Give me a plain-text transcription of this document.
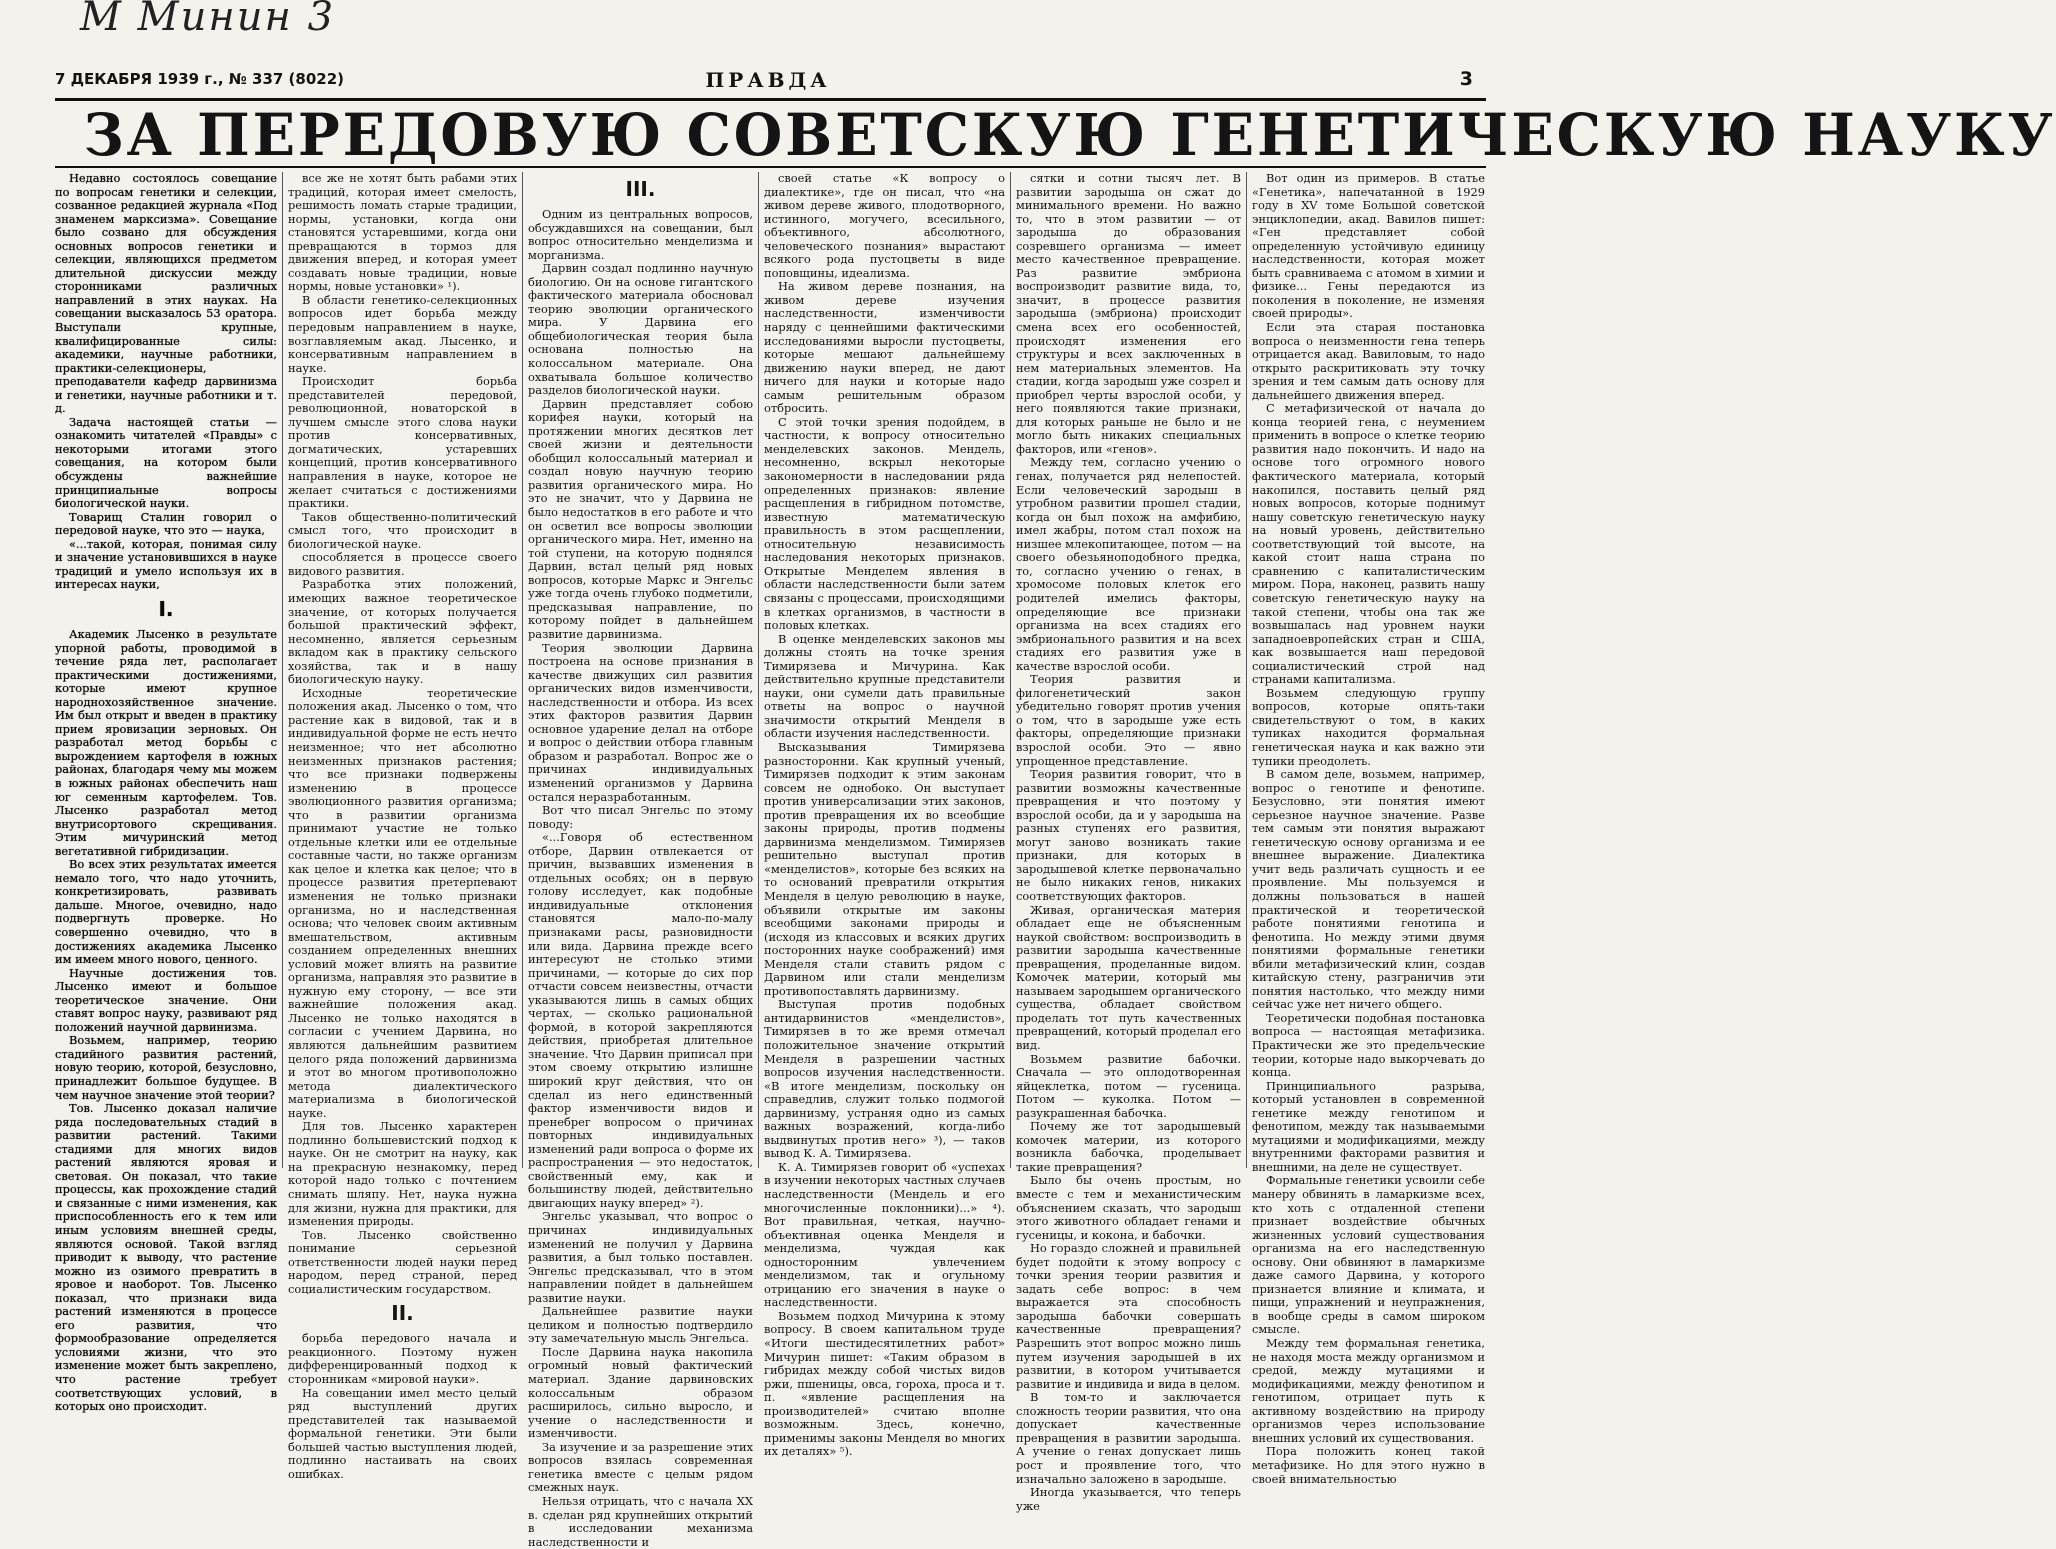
М Минин 3
7 ДЕКАБРЯ 1939 г., № 337 (8022)	ПРАВДА	3
ЗА ПЕРЕДОВУЮ СОВЕТСКУЮ ГЕНЕТИЧЕСКУЮ НАУКУ

Недавно состоялось совещание по вопросам генетики и селекции, созванное редакцией журнала «Под знаменем марксизма». Совещание было созвано для обсуждения основных вопросов генетики и селекции, являющихся предметом длительной дискуссии между сторонниками различных направлений в этих науках. На совещании высказалось 53 оратора. Выступали крупные, квалифицированные силы: академики, научные работники, практики-селекционеры, преподаватели кафедр дарвинизма и генетики, научные работники и т. д.

Задача настоящей статьи — ознакомить читателей «Правды» с некоторыми итогами этого совещания, на котором были обсуждены важнейшие принципиальные вопросы биологической науки.

Товарищ Сталин говорил о передовой науке, что это — наука,

«...такой, которая, понимая силу и значение установившихся в науке традиций и умело используя их в интересах науки,

I.

Академик Лысенко в результате упорной работы, проводимой в течение ряда лет, располагает практическими достижениями, которые имеют крупное народнохозяйственное значение. Им был открыт и введен в практику прием яровизации зерновых. Он разработал метод борьбы с вырождением картофеля в южных районах, благодаря чему мы можем в южных районах обеспечить наш юг семенным картофелем. Тов. Лысенко разработал метод внутрисортового скрещивания. Этим мичуринский метод вегетативной гибридизации.

Во всех этих результатах имеется немало того, что надо уточнить, конкретизировать, развивать дальше. Многое, очевидно, надо подвергнуть проверке. Но совершенно очевидно, что в достижениях академика Лысенко им имеем много нового, ценного.

Научные достижения тов. Лысенко имеют и большое теоретическое значение. Они ставят вопрос науку, развивают ряд положений научной дарвинизма.

Возьмем, например, теорию стадийного развития растений, новую теорию, которой, безусловно, принадлежит большое будущее. В чем научное значение этой теории?

Тов. Лысенко доказал наличие ряда последовательных стадий в развитии растений. Такими стадиями для многих видов растений являются яровая и световая. Он показал, что такие процессы, как прохождение стадий и связанные с ними изменения, как приспособленность его к тем или иным условиям внешней среды, являются основой. Такой взгляд приводит к выводу, что растение можно из озимого превратить в яровое и наоборот. Тов. Лысенко показал, что признаки вида растений изменяются в процессе его развития, что формообразование определяется условиями жизни, что это изменение может быть закреплено, что растение требует соответствующих условий, в которых оно происходит.

все же не хотят быть рабами этих традиций, которая имеет смелость, решимость ломать старые традиции, нормы, установки, когда они становятся устаревшими, когда они превращаются в тормоз для движения вперед, и которая умеет создавать новые традиции, новые нормы, новые установки» ¹).

В области генетико-селекционных вопросов идет борьба между передовым направлением в науке, возглавляемым акад. Лысенко, и консервативным направлением в науке.

Происходит борьба представителей передовой, революционной, новаторской в лучшем смысле этого слова науки против консервативных, догматических, устаревших концепций, против консервативного направления в науке, которое не желает считаться с достижениями практики.

Таков общественно-политический смысл того, что происходит в биологической науке.

способляется в процессе своего видового развития.

Разработка этих положений, имеющих важное теоретическое значение, от которых получается большой практический эффект, несомненно, является серьезным вкладом как в практику сельского хозяйства, так и в нашу биологическую науку.

Исходные теоретические положения акад. Лысенко о том, что растение как в видовой, так и в индивидуальной форме не есть нечто неизменное; что нет абсолютно неизменных признаков растения; что все признаки подвержены изменению в процессе эволюционного развития организма; что в развитии организма принимают участие не только отдельные клетки или ее отдельные составные части, но также организм как целое и клетка как целое; что в процессе развития претерпевают изменения не только признаки организма, но и наследственная основа; что человек своим активным вмешательством, активным созданием определенных внешних условий может влиять на развитие организма, направляя это развитие в нужную ему сторону, — все эти важнейшие положения акад. Лысенко не только находятся в согласии с учением Дарвина, но являются дальнейшим развитием целого ряда положений дарвинизма и этот во многом противоположно метода диалектического материализма в биологической науке.

Для тов. Лысенко характерен подлинно большевистский подход к науке. Он не смотрит на науку, как на прекрасную незнакомку, перед которой надо только с почтением снимать шляпу. Нет, наука нужна для жизни, нужна для практики, для изменения природы.

Тов. Лысенко свойственно понимание серьезной ответственности людей науки перед народом, перед страной, перед социалистическим государством.

II.

борьба передового начала и реакционного. Поэтому нужен дифференцированный подход к сторонникам «мировой науки».

На совещании имел место целый ряд выступлений других представителей так называемой формальной генетики. Эти были большей частью выступления людей, подлинно настаивать на своих ошибках.

III.

Одним из центральных вопросов, обсуждавшихся на совещании, был вопрос относительно менделизма и морганизма.

Дарвин создал подлинно научную биологию. Он на основе гигантского фактического материала обосновал теорию эволюции органического мира. У Дарвина его общебиологическая теория была основана полностью на колоссальном материале. Она охватывала большое количество разделов биологической науки.

Дарвин представляет собою корифея науки, который на протяжении многих десятков лет своей жизни и деятельности обобщил колоссальный материал и создал новую научную теорию развития органического мира. Но это не значит, что у Дарвина не было недостатков в его работе и что он осветил все вопросы эволюции органического мира. Нет, именно на той ступени, на которую поднялся Дарвин, встал целый ряд новых вопросов, которые Маркс и Энгельс уже тогда очень глубоко подметили, предсказывая направление, по которому пойдет в дальнейшем развитие дарвинизма.

Теория эволюции Дарвина построена на основе признания в качестве движущих сил развития органических видов изменчивости, наследственности и отбора. Из всех этих факторов развития Дарвин основное ударение делал на отборе и вопрос о действии отбора главным образом и разработал. Вопрос же о причинах индивидуальных изменений организмов у Дарвина остался неразработанным.

Вот что писал Энгельс по этому поводу:

«...Говоря об естественном отборе, Дарвин отвлекается от причин, вызвавших изменения в отдельных особях; он в первую голову исследует, как подобные индивидуальные отклонения становятся мало-по-малу признаками расы, разновидности или вида. Дарвина прежде всего интересуют не столько этими причинами, — которые до сих пор отчасти совсем неизвестны, отчасти указываются лишь в самых общих чертах, — сколько рациональной формой, в которой закрепляются действия, приобретая длительное значение. Что Дарвин приписал при этом своему открытию излишне широкий круг действия, что он сделал из него единственный фактор изменчивости видов и пренебрег вопросом о причинах повторных индивидуальных изменений ради вопроса о форме их распространения — это недостаток, свойственный ему, как и большинству людей, действительно двигающих науку вперед» ²).

Энгельс указывал, что вопрос о причинах индивидуальных изменений не получил у Дарвина развития, а был только поставлен. Энгельс предсказывал, что в этом направлении пойдет в дальнейшем развитие науки.

Дальнейшее развитие науки целиком и полностью подтвердило эту замечательную мысль Энгельса.

После Дарвина наука накопила огромный новый фактический материал. Здание дарвиновских колоссальным образом расширилось, сильно выросло, и учение о наследственности и изменчивости.

За изучение и за разрешение этих вопросов взялась современная генетика вместе с целым рядом смежных наук.

Нельзя отрицать, что с начала XX в. сделан ряд крупнейших открытий в исследовании механизма наследственности и

своей статье «К вопросу о диалектике», где он писал, что «на живом дереве живого, плодотворного, истинного, могучего, всесильного, объективного, абсолютного, человеческого познания» вырастают всякого рода пустоцветы в виде поповщины, идеализма.

На живом дереве познания, на живом дереве изучения наследственности, изменчивости наряду с ценнейшими фактическими исследованиями выросли пустоцветы, которые мешают дальнейшему движению науки вперед, не дают ничего для науки и которые надо самым решительным образом отбросить.

С этой точки зрения подойдем, в частности, к вопросу относительно менделевских законов. Мендель, несомненно, вскрыл некоторые закономерности в наследовании ряда определенных признаков: явление расщепления в гибридном потомстве, известную математическую правильность в этом расщеплении, относительную независимость наследования некоторых признаков. Открытые Менделем явления в области наследственности были затем связаны с процессами, происходящими в клетках организмов, в частности в половых клетках.

В оценке менделевских законов мы должны стоять на точке зрения Тимирязева и Мичурина. Как действительно крупные представители науки, они сумели дать правильные ответы на вопрос о научной значимости открытий Менделя в области изучения наследственности.

Высказывания Тимирязева разносторонни. Как крупный ученый, Тимирязев подходит к этим законам совсем не однобоко. Он выступает против универсализации этих законов, против превращения их во всеобщие законы природы, против подмены дарвинизма менделизмом. Тимирязев решительно выступал против «менделистов», которые без всяких на то оснований превратили открытия Менделя в целую революцию в науке, объявили открытые им законы всеобщими законами природы и (исходя из классовых и всяких других посторонних науке соображений) имя Менделя стали ставить рядом с Дарвином или стали менделизм противопоставлять дарвинизму.

Выступая против подобных антидарвинистов «менделистов», Тимирязев в то же время отмечал положительное значение открытий Менделя в разрешении частных вопросов изучения наследственности. «В итоге менделизм, поскольку он справедлив, служит только подмогой дарвинизму, устраняя одно из самых важных возражений, когда-либо выдвинутых против него» ³), — таков вывод К. А. Тимирязева.

К. А. Тимирязев говорит об «успехах в изучении некоторых частных случаев наследственности (Мендель и его многочисленные поклонники)...» ⁴). Вот правильная, четкая, научно-объективная оценка Менделя и менделизма, чуждая как односторонним увлечением менделизмом, так и огульному отрицанию его значения в науке о наследственности.

Возьмем подход Мичурина к этому вопросу. В своем капитальном труде «Итоги шестидесятилетних работ» Мичурин пишет: «Таким образом в гибридах между собой чистых видов ржи, пшеницы, овса, гороха, проса и т. п. «явление расщепления на производителей» считаю вполне возможным. Здесь, конечно, применимы законы Менделя во многих их деталях» ⁵).

сятки и сотни тысяч лет. В развитии зародыша он сжат до минимального времени. Но важно то, что в этом развитии — от зародыша до образования созревшего организма — имеет место качественное превращение. Раз развитие эмбриона воспроизводит развитие вида, то, значит, в процессе развития зародыша (эмбриона) происходит смена всех его особенностей, происходят изменения его структуры и всех заключенных в нем материальных элементов. На стадии, когда зародыш уже созрел и приобрел черты взрослой особи, у него появляются такие признаки, для которых раньше не было и не могло быть никаких специальных факторов, или «генов».

Между тем, согласно учению о генах, получается ряд нелепостей. Если человеческий зародыш в утробном развитии прошел стадии, когда он был похож на амфибию, имел жабры, потом стал похож на низшее млекопитающее, потом — на своего обезьяноподобного предка, то, согласно учению о генах, в хромосоме половых клеток его родителей имелись факторы, определяющие все признаки организма на всех стадиях его эмбрионального развития и на всех стадиях его развития уже в качестве взрослой особи.

Теория развития и филогенетический закон убедительно говорят против учения о том, что в зародыше уже есть факторы, определяющие признаки взрослой особи. Это — явно упрощенное представление.

Теория развития говорит, что в развитии возможны качественные превращения и что поэтому у взрослой особи, да и у зародыша на разных ступенях его развития, могут заново возникать такие признаки, для которых в зародышевой клетке первоначально не было никаких генов, никаких соответствующих факторов.

Живая, органическая материя обладает еще не объясненным наукой свойством: воспроизводить в развитии зародыша качественные превращения, проделанные видом. Комочек материи, который мы называем зародышем органического существа, обладает свойством проделать тот путь качественных превращений, который проделал его вид.

Возьмем развитие бабочки. Сначала — это оплодотворенная яйцеклетка, потом — гусеница. Потом — куколка. Потом — разукрашенная бабочка.

Почему же тот зародышевый комочек материи, из которого возникла бабочка, проделывает такие превращения?

Было бы очень простым, но вместе с тем и механистическим объяснением сказать, что зародыш этого животного обладает генами и гусеницы, и кокона, и бабочки.

Но гораздо сложней и правильней будет подойти к этому вопросу с точки зрения теории развития и задать себе вопрос: в чем выражается эта способность зародыша бабочки совершать качественные превращения? Разрешить этот вопрос можно лишь путем изучения зародышей в их развитии, в котором учитывается развитие и индивида и вида в целом.

В том-то и заключается сложность теории развития, что она допускает качественные превращения в развитии зародыша. А учение о генах допускает лишь рост и проявление того, что изначально заложено в зародыше.

Иногда указывается, что теперь уже

Вот один из примеров. В статье «Генетика», напечатанной в 1929 году в XV томе Большой советской энциклопедии, акад. Вавилов пишет: «Ген представляет собой определенную устойчивую единицу наследственности, которая может быть сравниваема с атомом в химии и физике... Гены передаются из поколения в поколение, не изменяя своей природы».

Если эта старая постановка вопроса о неизменности гена теперь отрицается акад. Вавиловым, то надо открыто раскритиковать эту точку зрения и тем самым дать основу для дальнейшего движения вперед.

С метафизической от начала до конца теорией гена, с неумением применить в вопросе о клетке теорию развития надо покончить. И надо на основе того огромного нового фактического материала, который накопился, поставить целый ряд новых вопросов, которые поднимут нашу советскую генетическую науку на новый уровень, действительно соответствующий той высоте, на какой стоит наша страна по сравнению с капиталистическим миром. Пора, наконец, развить нашу советскую генетическую науку на такой степени, чтобы она так же возвышалась над уровнем науки западноевропейских стран и США, как возвышается наш передовой социалистический строй над странами капитализма.

Возьмем следующую группу вопросов, которые опять-таки свидетельствуют о том, в каких тупиках находится формальная генетическая наука и как важно эти тупики преодолеть.

В самом деле, возьмем, например, вопрос о генотипе и фенотипе. Безусловно, эти понятия имеют серьезное научное значение. Разве тем самым эти понятия выражают генетическую основу организма и ее внешнее выражение. Диалектика учит ведь различать сущность и ее проявление. Мы пользуемся и должны пользоваться в нашей практической и теоретической работе понятиями генотипа и фенотипа. Но между этими двумя понятиями формальные генетики вбили метафизический клин, создав китайскую стену, разграничив эти понятия настолько, что между ними сейчас уже нет ничего общего.

Теоретически подобная постановка вопроса — настоящая метафизика. Практически же это предельческие теории, которые надо выкорчевать до конца.

Принципиального разрыва, который установлен в современной генетике между генотипом и фенотипом, между так называемыми мутациями и модификациями, между внутренними факторами развития и внешними, на деле не существует.

Формальные генетики усвоили себе манеру обвинять в ламаркизме всех, кто хоть с отдаленной степени признает воздействие обычных жизненных условий существования организма на его наследственную основу. Они обвиняют в ламаркизме даже самого Дарвина, у которого признается влияние и климата, и пищи, упражнений и неупражнения, в вообще среды в самом широком смысле.

Между тем формальная генетика, не находя моста между организмом и средой, между мутациями и модификациями, между фенотипом и генотипом, отрицает путь к активному воздействию на природу организмов через использование внешних условий их существования.

Пора положить конец такой метафизике. Но для этого нужно в своей внимательностью
